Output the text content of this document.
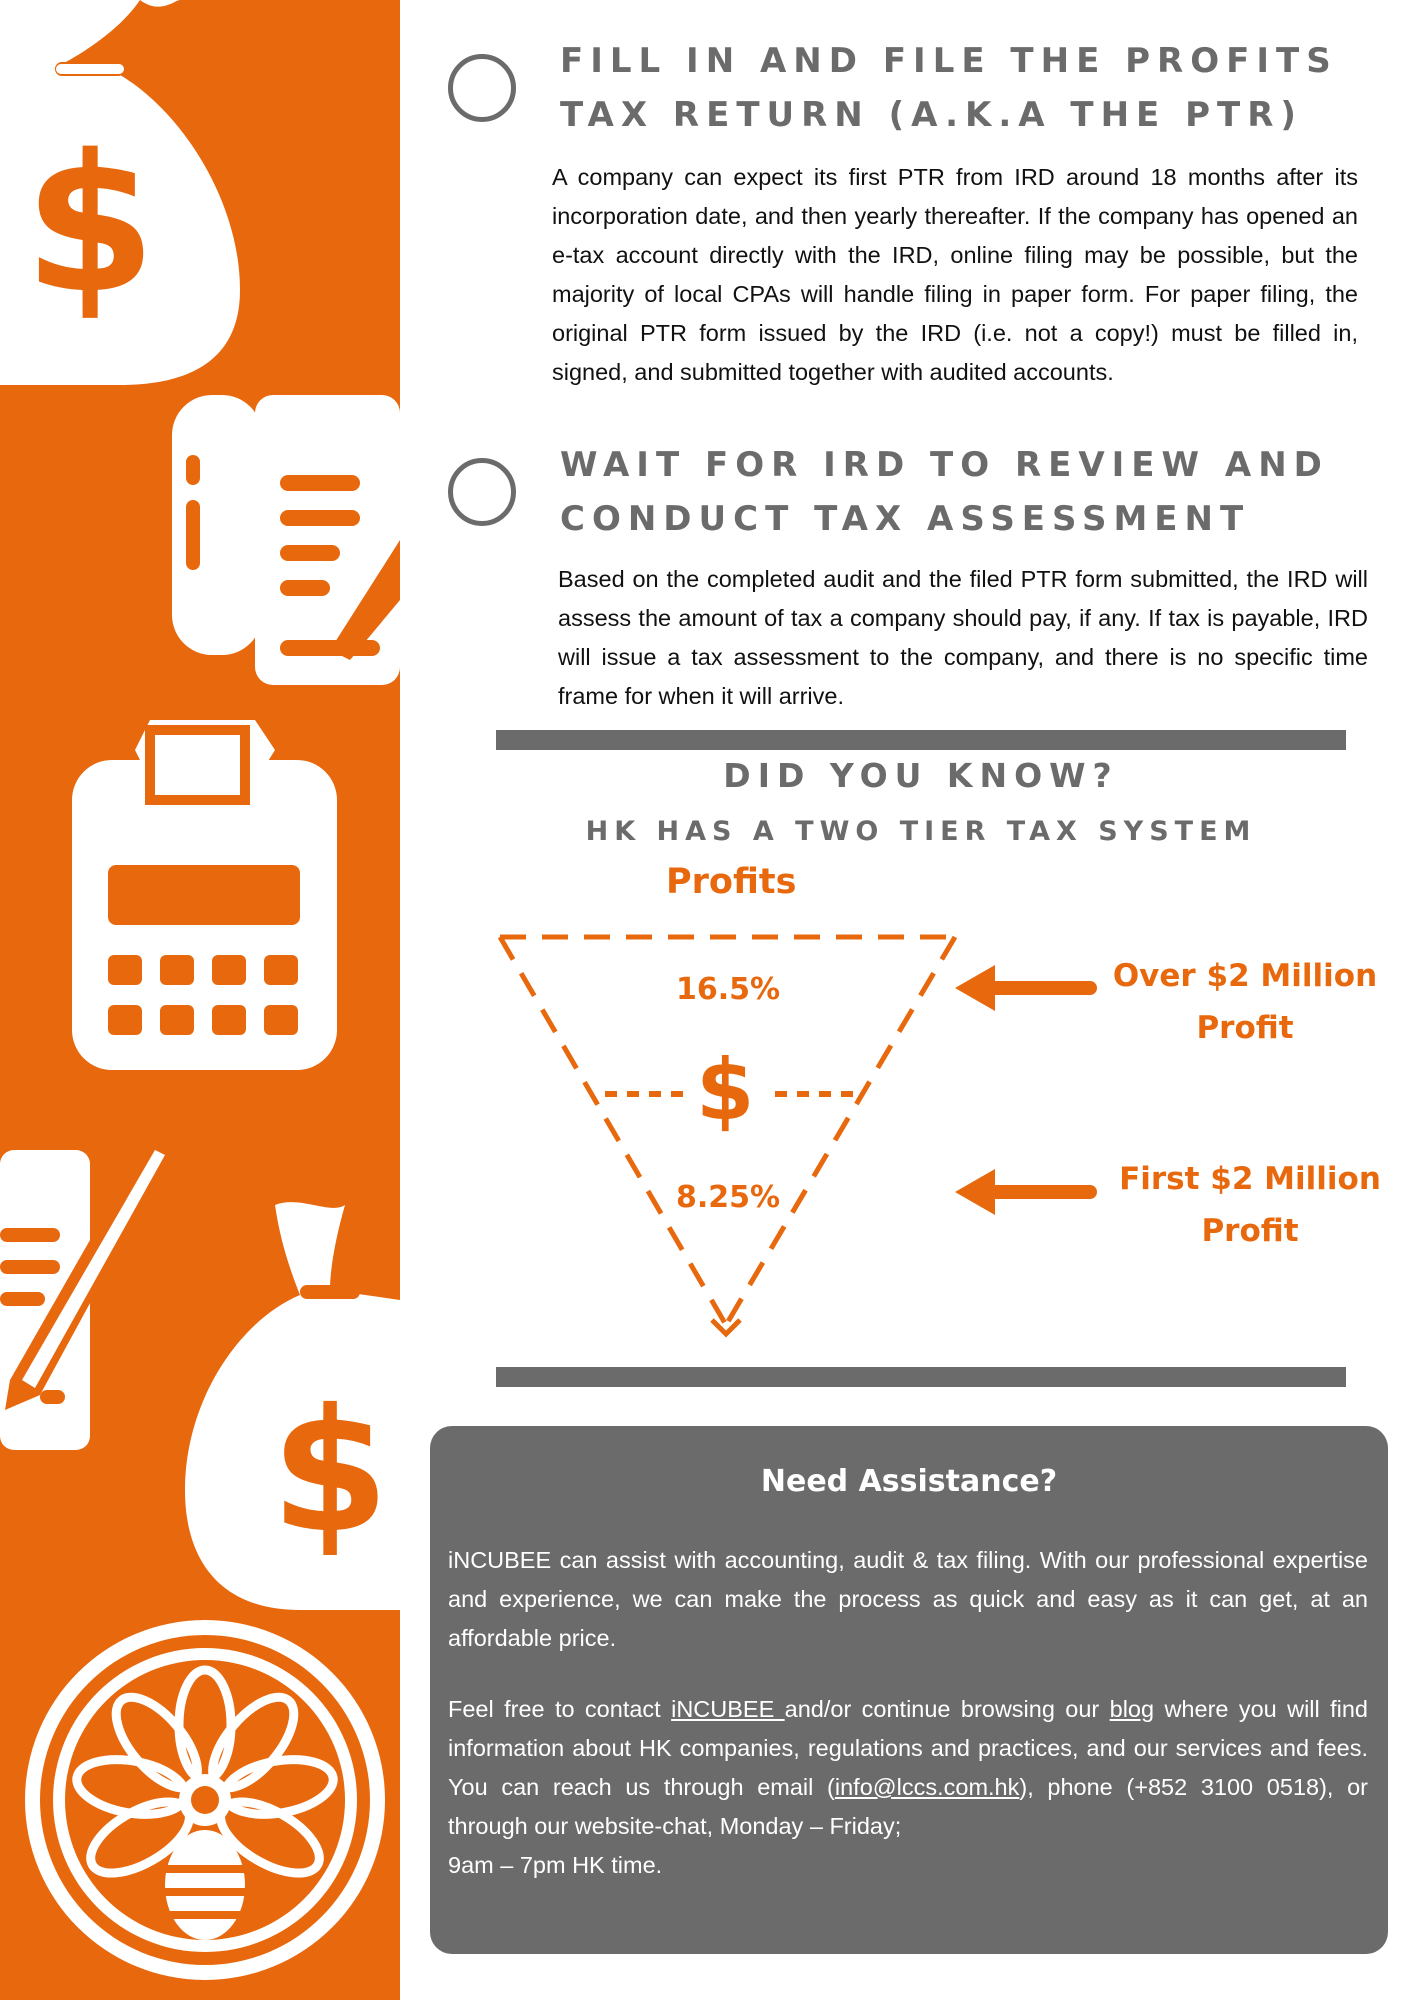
$
$
FILL IN AND FILE THE PROFITS
TAX RETURN (A.K.A THE PTR)

A company can expect its first PTR from IRD around 18 months after its incorporation date, and then yearly thereafter. If the company has opened an e-tax account directly with the IRD, online filing may be possible, but the majority of local CPAs will handle filing in paper form. For paper filing, the original PTR form issued by the IRD (i.e. not a copy!) must be filled in, signed, and submitted together with audited accounts.

WAIT FOR IRD TO REVIEW AND
CONDUCT TAX ASSESSMENT

Based on the completed audit and the filed PTR form submitted, the IRD will assess the amount of tax a company should pay, if any. If tax is payable, IRD will issue a tax assessment to the company, and there is no specific time frame for when it will arrive.

DID YOU KNOW?
HK HAS A TWO TIER TAX SYSTEM
Profits
16.5%
$
8.25%
Over $2 Million
Profit
First $2 Million
Profit
Need Assistance?

iNCUBEE can assist with accounting, audit & tax filing. With our professional expertise and experience, we can make the process as quick and easy as it can get, at an affordable price.

Feel free to contact iNCUBEE and/or continue browsing our blog where you will find information about HK companies, regulations and practices, and our services and fees. You can reach us through email (info@lccs.com.hk), phone (+852 3100 0518), or through our website-chat, Monday – Friday;
9am – 7pm HK time.
